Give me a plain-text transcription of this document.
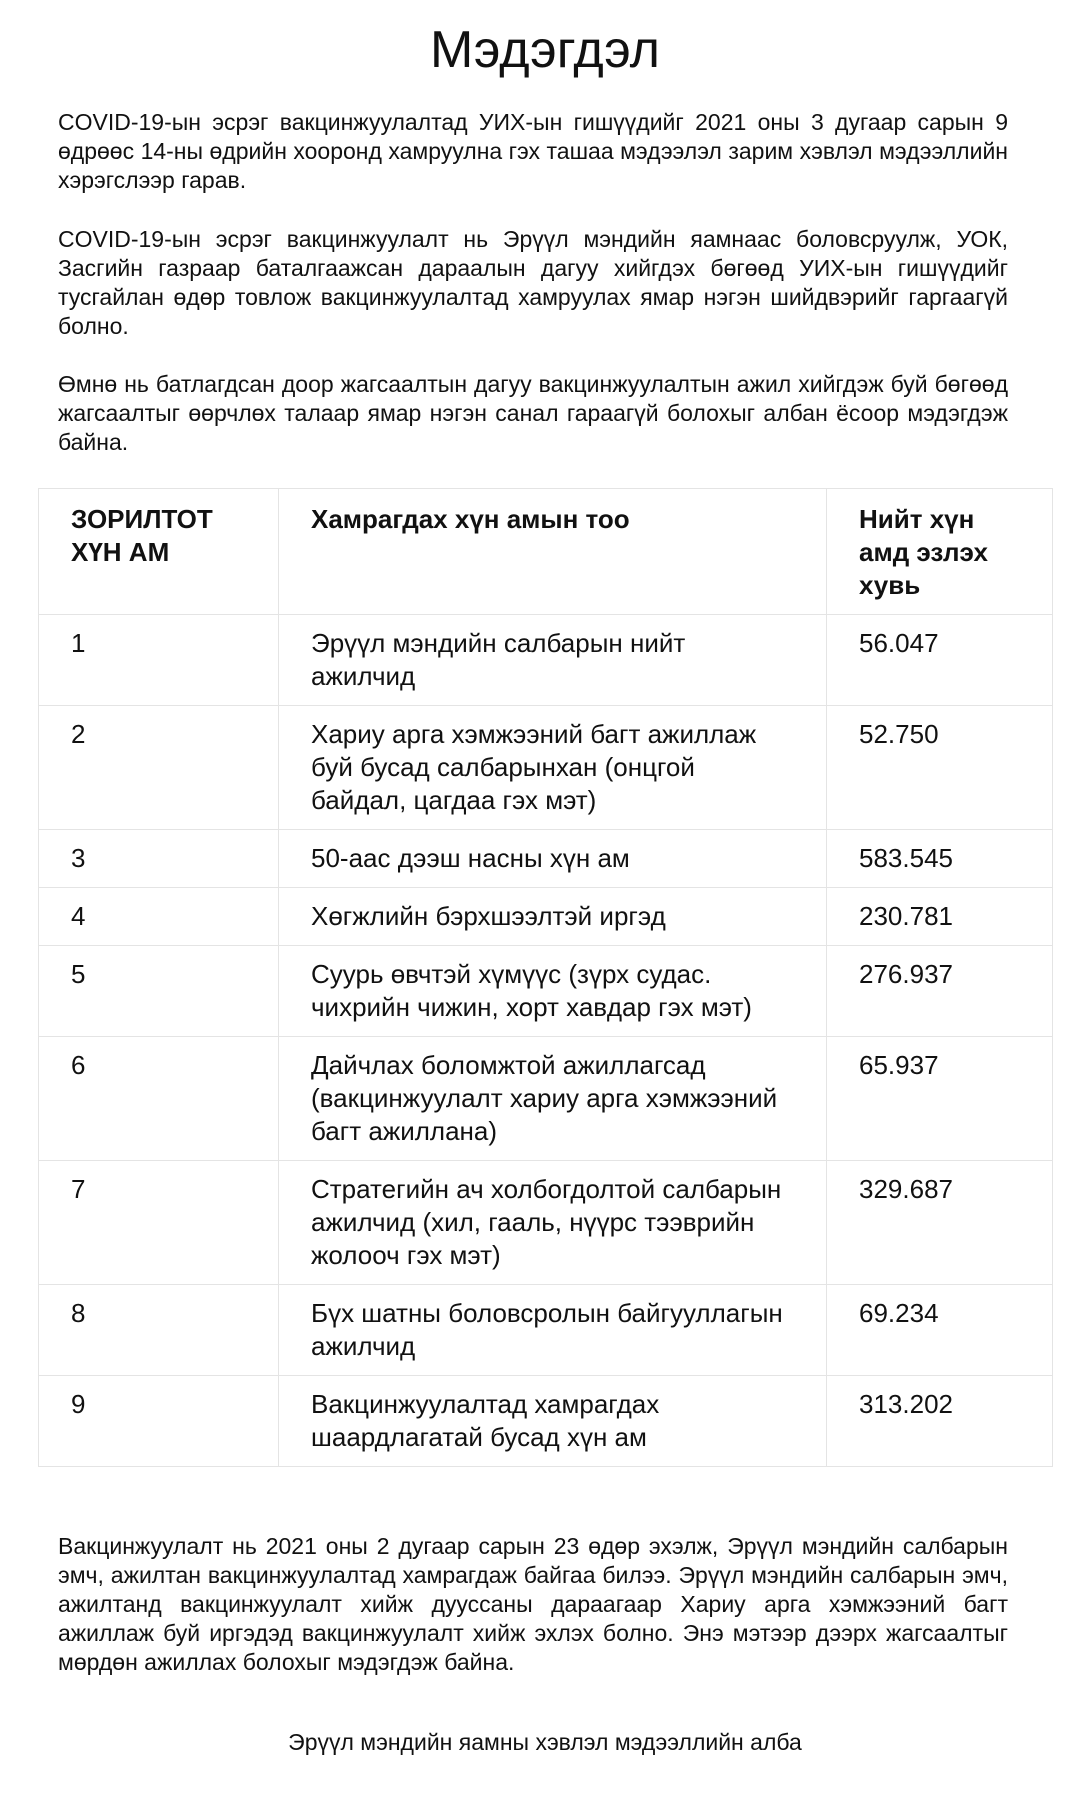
Мэдэгдэл

COVID-19-ын эсрэг вакцинжуулалтад УИХ-ын гишүүдийг 2021 оны 3 дугаар сарын 9 өдрөөс 14-ны өдрийн хооронд хамруулна гэх ташаа мэдээлэл зарим хэвлэл мэдээллийн хэрэгслээр гарав.

COVID-19-ын эсрэг вакцинжуулалт нь Эрүүл мэндийн яамнаас боловсруулж, УОК, Засгийн газраар баталгаажсан дараалын дагуу хийгдэх бөгөөд УИХ-ын гишүүдийг тусгайлан өдөр товлож вакцинжуулалтад хамруулах ямар нэгэн шийдвэрийг гаргаагүй болно.

Өмнө нь батлагдсан доор жагсаалтын дагуу вакцинжуулалтын ажил хийгдэж буй бөгөөд жагсаалтыг өөрчлөх талаар ямар нэгэн санал гараагүй болохыг албан ёсоор мэдэгдэж байна.

ЗОРИЛТОТ ХҮН АМ	Хамрагдах хүн амын тоо	Нийт хүн амд эзлэх хувь
1	Эрүүл мэндийн салбарын нийт ажилчид	56.047
2	Хариу арга хэмжээний багт ажиллаж буй бусад салбарынхан (онцгой байдал, цагдаа гэх мэт)	52.750
3	50-аас дээш насны хүн ам	583.545
4	Хөгжлийн бэрхшээлтэй иргэд	230.781
5	Суурь өвчтэй хүмүүс (зүрх судас. чихрийн чижин, хорт хавдар гэх мэт)	276.937
6	Дайчлах боломжтой ажиллагсад (вакцинжуулалт хариу арга хэмжээний багт ажиллана)	65.937
7	Стратегийн ач холбогдолтой салбарын ажилчид (хил, гааль, нүүрс тээврийн жолооч гэх мэт)	329.687
8	Бүх шатны боловсролын байгууллагын ажилчид	69.234
9	Вакцинжуулалтад хамрагдах шаардлагатай бусад хүн ам	313.202

Вакцинжуулалт нь 2021 оны 2 дугаар сарын 23 өдөр эхэлж, Эрүүл мэндийн салбарын эмч, ажилтан вакцинжуулалтад хамрагдаж байгаа билээ. Эрүүл мэндийн салбарын эмч, ажилтанд вакцинжуулалт хийж дууссаны дараагаар Хариу арга хэмжээний багт ажиллаж буй иргэдэд вакцинжуулалт хийж эхлэх болно. Энэ мэтээр дээрх жагсаалтыг мөрдөн ажиллах болохыг мэдэгдэж байна.

Эрүүл мэндийн яамны хэвлэл мэдээллийн алба
